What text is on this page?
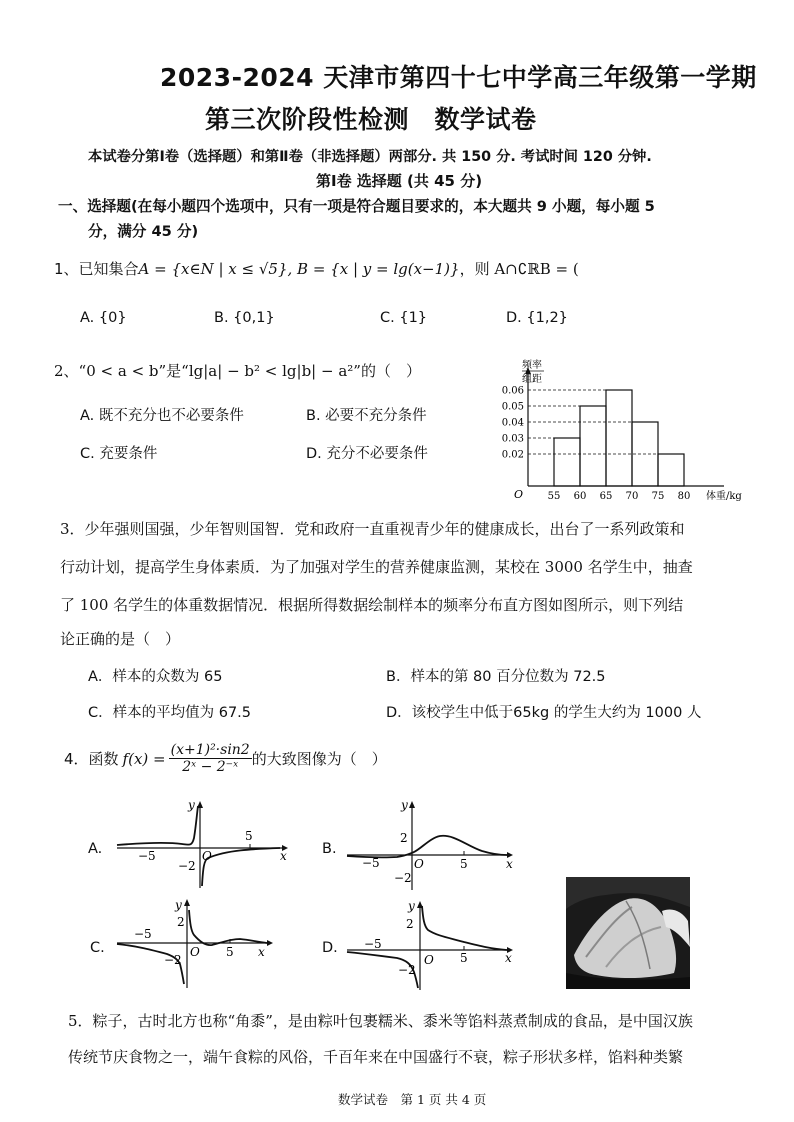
2023-2024 天津市第四十七中学高三年级第一学期
第三次阶段性检测　数学试卷
本试卷分第Ⅰ卷（选择题）和第Ⅱ卷（非选择题）两部分. 共 150 分. 考试时间 120 分钟.
第Ⅰ卷 选择题 (共 45 分)
一、选择题(在每小题四个选项中，只有一项是符合题目要求的，本大题共 9 小题，每小题 5
分，满分 45 分)
1、已知集合A = {x∈N | x ≤ √5}, B = {x | y = lg(x−1)}，则 A∩∁ℝB = (
A. {0}	B. {0,1}	C. {1}	D. {1,2}
2、“0 < a < b”是“lg|a| − b² < lg|b| − a²”的（　）
A. 既不充分也不必要条件	B. 必要不充分条件
C. 充要条件	D. 充分不必要条件
频率
组距
0.06
0.05
0.04
0.03
0.02
55 60 65 70 75 80
O	体重/kg
3．少年强则国强，少年智则国智．党和政府一直重视青少年的健康成长，出台了一系列政策和
行动计划，提高学生身体素质．为了加强对学生的营养健康监测，某校在 3000 名学生中，抽查
了 100 名学生的体重数据情况．根据所得数据绘制样本的频率分布直方图如图所示，则下列结
论正确的是（　）
A．样本的众数为 65	B．样本的第 80 百分位数为 72.5
C．样本的平均值为 67.5	D．该校学生中低于65kg 的学生大约为 1000 人
4．函数 $f(x) = \frac{\text{(x+1)²·sin2}}{\text{2ˣ − 2⁻ˣ}}$ 的大致图像为（　）
A.
y
x
O
−5
5
−2
B.
y
x
O
2
−5	5
−2
C.
y
x
O
−5
2
−2
5	D.
y
x
O
−5
2
5
−2
5．粽子，古时北方也称“角黍”，是由粽叶包裹糯米、黍米等馅料蒸煮制成的食品，是中国汉族
传统节庆食物之一，端午食粽的风俗，千百年来在中国盛行不衰，粽子形状多样，馅料种类繁
数学试卷　第 1 页 共 4 页
